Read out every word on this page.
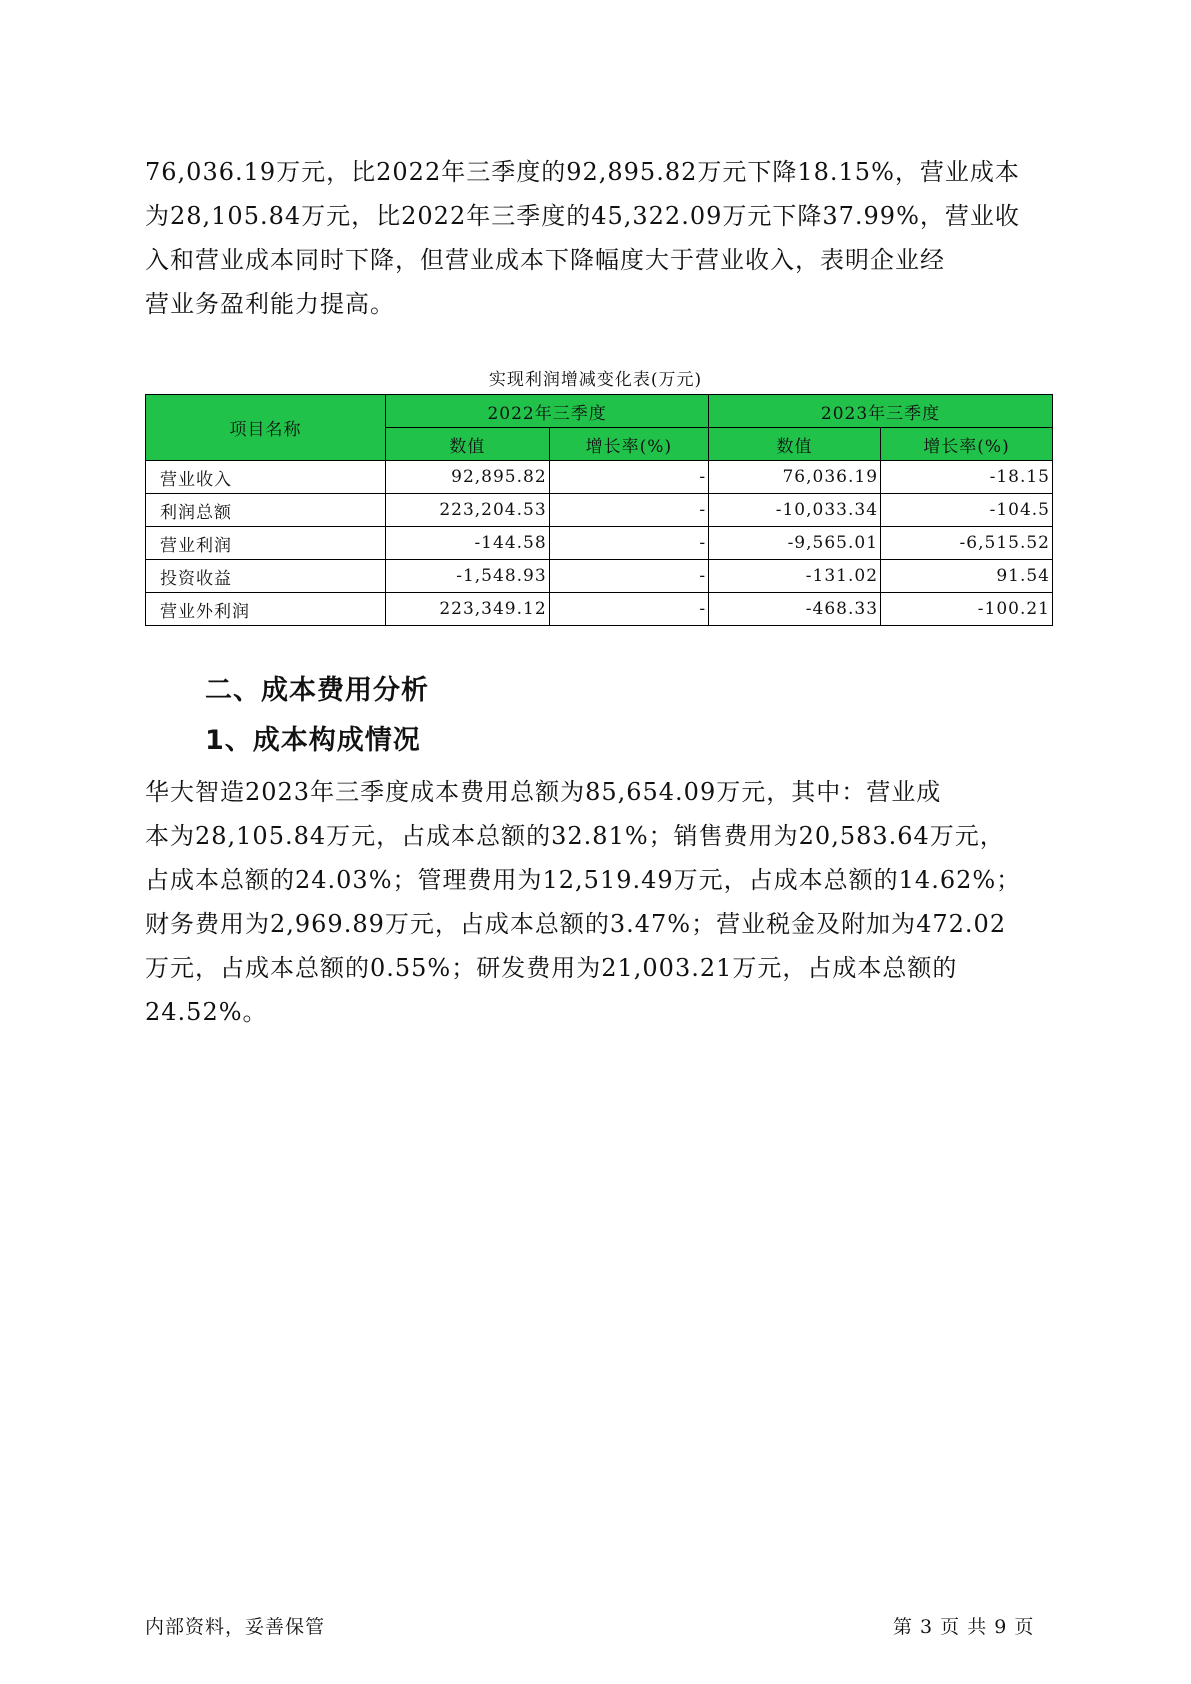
76,036.19万元，比2022年三季度的92,895.82万元下降18.15%，营业成本
为28,105.84万元，比2022年三季度的45,322.09万元下降37.99%，营业收
入和营业成本同时下降，但营业成本下降幅度大于营业收入，表明企业经
营业务盈利能力提高。

实现利润增减变化表(万元)
项目名称	2022年三季度		2023年三季度	
	数值	增长率(%)	数值	增长率(%)
营业收入	92,895.82	-	76,036.19	-18.15
利润总额	223,204.53	-	-10,033.34	-104.5
营业利润	-144.58	-	-9,565.01	-6,515.52
投资收益	-1,548.93	-	-131.02	91.54
营业外利润	223,349.12	-	-468.33	-100.21
二、成本费用分析
1、成本构成情况

华大智造2023年三季度成本费用总额为85,654.09万元，其中：营业成
本为28,105.84万元，占成本总额的32.81%；销售费用为20,583.64万元，
占成本总额的24.03%；管理费用为12,519.49万元，占成本总额的14.62%；
财务费用为2,969.89万元，占成本总额的3.47%；营业税金及附加为472.02
万元，占成本总额的0.55%；研发费用为21,003.21万元，占成本总额的
24.52%。

内部资料，妥善保管	第 3 页 共 9 页
